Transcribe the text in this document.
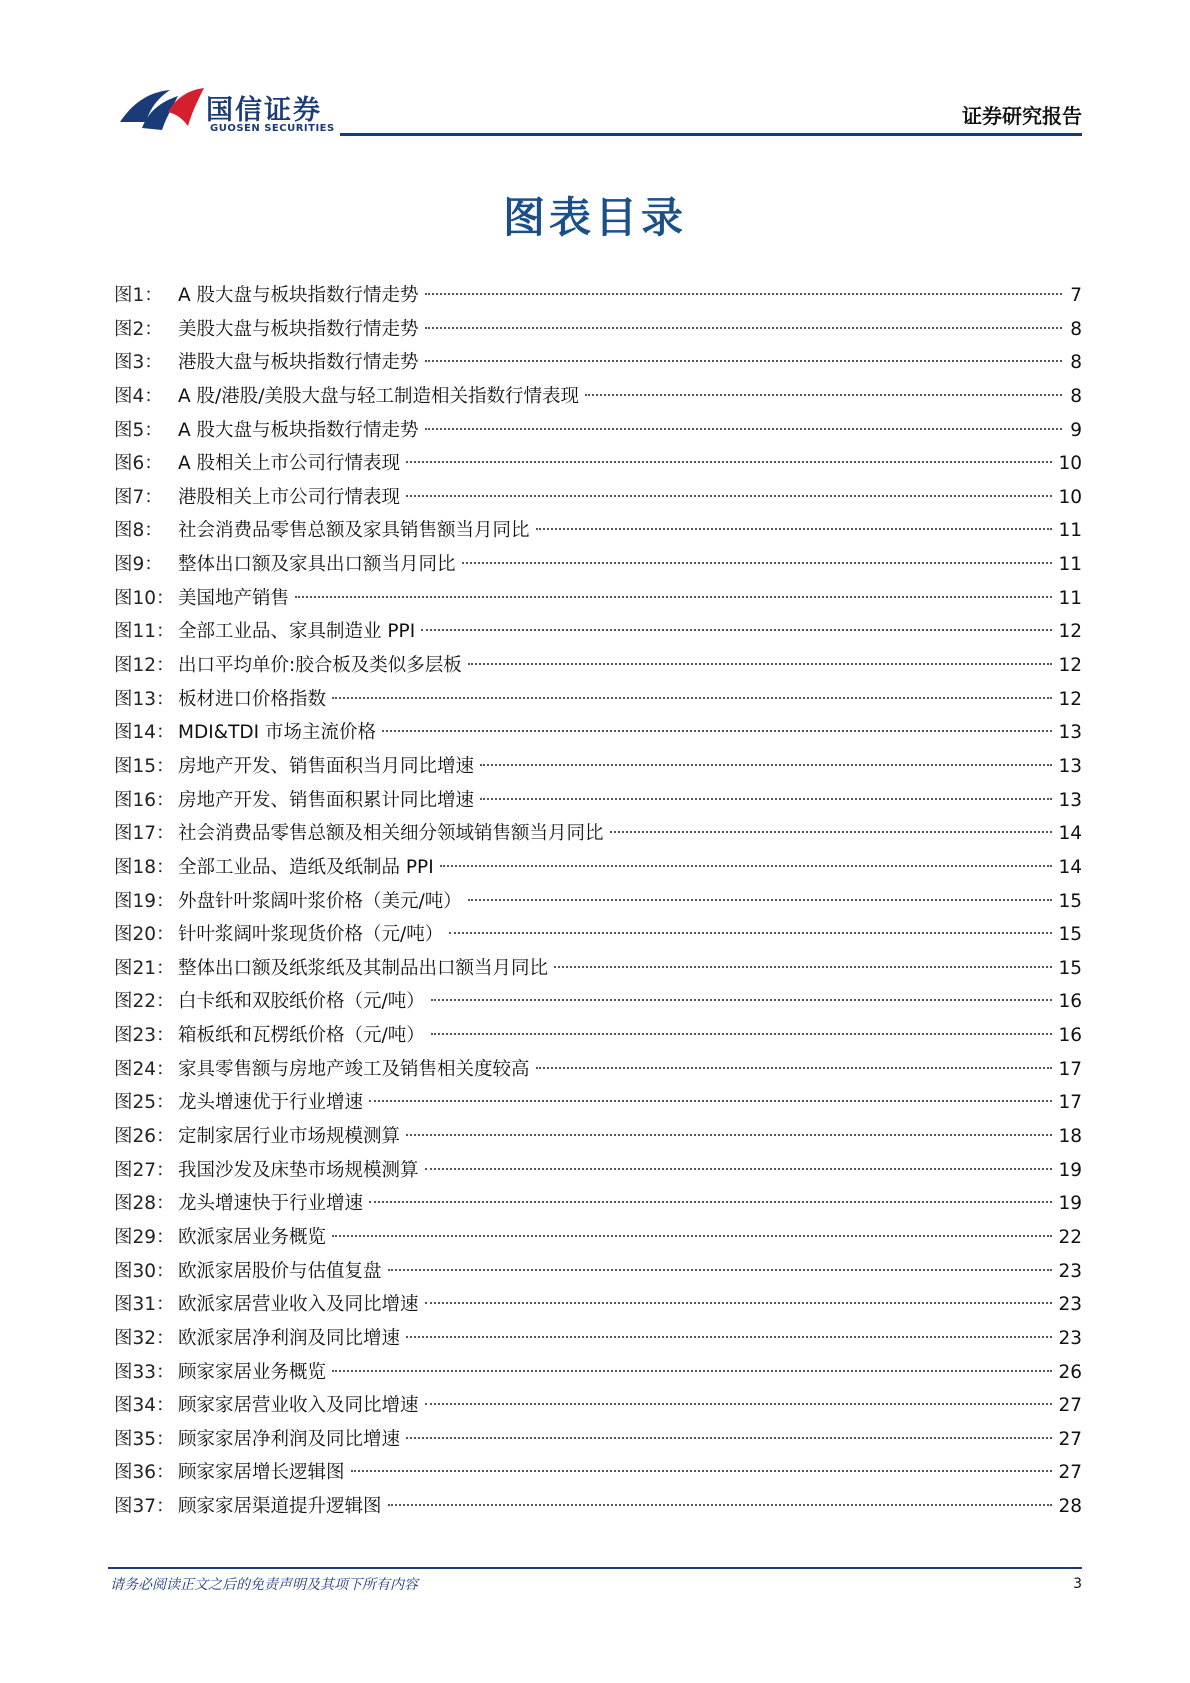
国信证券
GUOSEN SECURITIES
证券研究报告
图表目录
图1： A 股大盘与板块指数行情走势	7
图2： 美股大盘与板块指数行情走势	8
图3： 港股大盘与板块指数行情走势	8
图4： A 股/港股/美股大盘与轻工制造相关指数行情表现	8
图5： A 股大盘与板块指数行情走势	9
图6： A 股相关上市公司行情表现	10
图7： 港股相关上市公司行情表现	10
图8： 社会消费品零售总额及家具销售额当月同比	11
图9： 整体出口额及家具出口额当月同比	11
图10： 美国地产销售	11
图11： 全部工业品、家具制造业 PPI	12
图12： 出口平均单价:胶合板及类似多层板	12
图13： 板材进口价格指数	12
图14： MDI&TDI 市场主流价格	13
图15： 房地产开发、销售面积当月同比增速	13
图16： 房地产开发、销售面积累计同比增速	13
图17： 社会消费品零售总额及相关细分领域销售额当月同比	14
图18： 全部工业品、造纸及纸制品 PPI	14
图19： 外盘针叶浆阔叶浆价格（美元/吨）	15
图20： 针叶浆阔叶浆现货价格（元/吨）	15
图21： 整体出口额及纸浆纸及其制品出口额当月同比	15
图22： 白卡纸和双胶纸价格（元/吨）	16
图23： 箱板纸和瓦楞纸价格（元/吨）	16
图24： 家具零售额与房地产竣工及销售相关度较高	17
图25： 龙头增速优于行业增速	17
图26： 定制家居行业市场规模测算	18
图27： 我国沙发及床垫市场规模测算	19
图28： 龙头增速快于行业增速	19
图29： 欧派家居业务概览	22
图30： 欧派家居股价与估值复盘	23
图31： 欧派家居营业收入及同比增速	23
图32： 欧派家居净利润及同比增速	23
图33： 顾家家居业务概览	26
图34： 顾家家居营业收入及同比增速	27
图35： 顾家家居净利润及同比增速	27
图36： 顾家家居增长逻辑图	27
图37： 顾家家居渠道提升逻辑图	28
请务必阅读正文之后的免责声明及其项下所有内容	3
